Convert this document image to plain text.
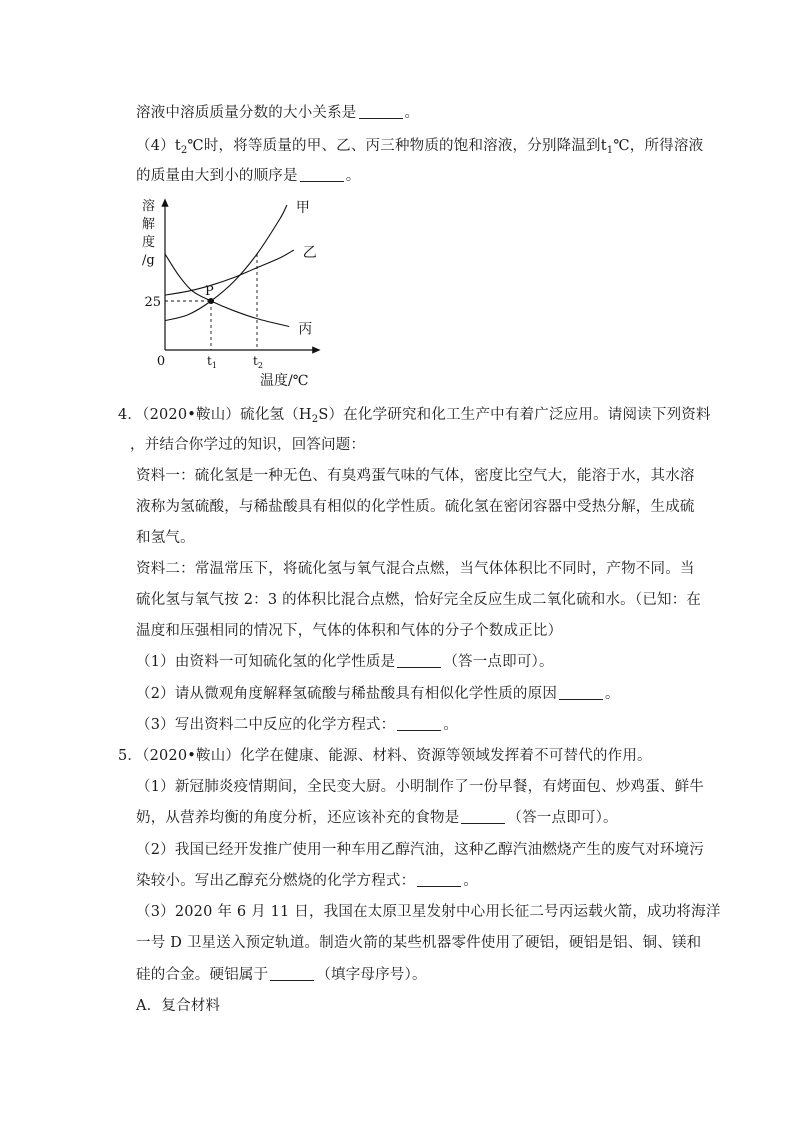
溶液中溶质质量分数的大小关系是	。
$(4)t_2℃$时，将等质量的甲、乙、丙三种物质的饱和溶液，分别降温到$t_1℃$，所得溶液
的质量由大到小的顺序是	。
溶
解
度
/g
甲
乙
丙
P
0
25
$t_1$	$t_2$
温度/℃
4．（2020•鞍山）硫化氢$(H_2S)$在化学研究和化工生产中有着广泛应用。请阅读下列资料
，并结合你学过的知识，回答问题：
资料一：硫化氢是一种无色、有臭鸡蛋气味的气体，密度比空气大，能溶于水，其水溶
液称为氢硫酸，与稀盐酸具有相似的化学性质。硫化氢在密闭容器中受热分解，生成硫
和氢气。
资料二：常温常压下，将硫化氢与氧气混合点燃，当气体体积比不同时，产物不同。当
硫化氢与氧气按 2：3 的体积比混合点燃，恰好完全反应生成二氧化硫和水。（已知：在
温度和压强相同的情况下，气体的体积和气体的分子个数成正比）
（1）由资料一可知硫化氢的化学性质是	（答一点即可）。
（2）请从微观角度解释氢硫酸与稀盐酸具有相似化学性质的原因	。
（3）写出资料二中反应的化学方程式：	。
5．（2020•鞍山）化学在健康、能源、材料、资源等领域发挥着不可替代的作用。
（1）新冠肺炎疫情期间，全民变大厨。小明制作了一份早餐，有烤面包、炒鸡蛋、鲜牛
奶，从营养均衡的角度分析，还应该补充的食物是	（答一点即可）。
（2）我国已经开发推广使用一种车用乙醇汽油，这种乙醇汽油燃烧产生的废气对环境污
染较小。写出乙醇充分燃烧的化学方程式：	。
（3）2020 年 6 月 11 日，我国在太原卫星发射中心用长征二号丙运载火箭，成功将海洋
一号 D 卫星送入预定轨道。制造火箭的某些机器零件使用了硬铝，硬铝是铝、铜、镁和
硅的合金。硬铝属于	（填字母序号）。
A．复合材料
